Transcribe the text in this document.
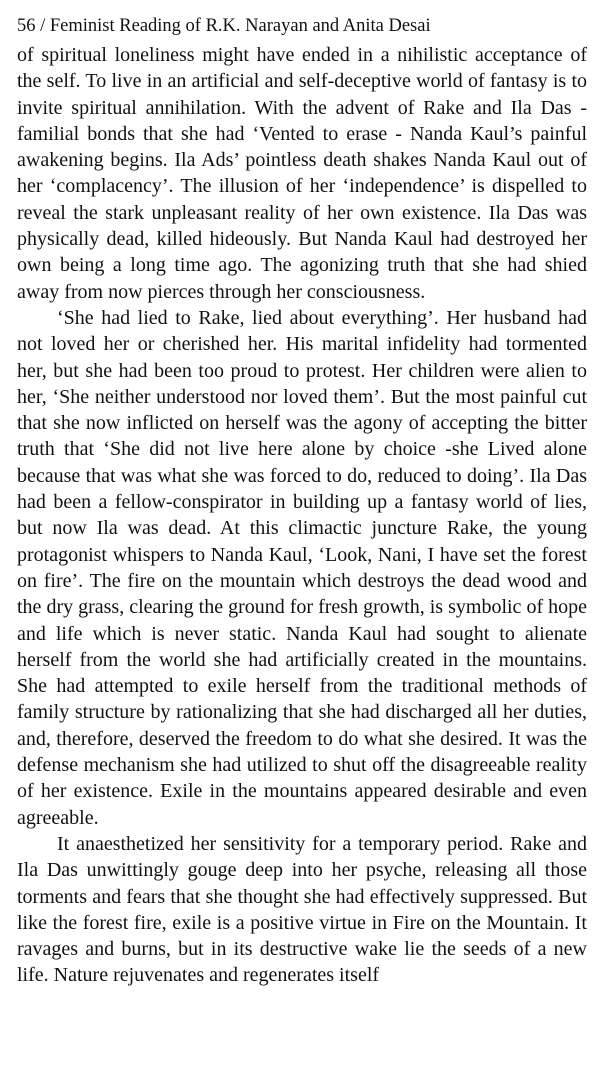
56 / Feminist Reading of R.K. Narayan and Anita Desai

of spiritual loneliness might have ended in a nihilistic acceptance of the self. To live in an artificial and self-deceptive world of fantasy is to invite spiritual annihilation. With the advent of Rake and Ila Das - familial bonds that she had ‘Vented to erase - Nanda Kaul’s painful awakening begins. Ila Ads’ pointless death shakes Nanda Kaul out of her ‘complacency’. The illusion of her ‘independence’ is dispelled to reveal the stark unpleasant reality of her own existence. Ila Das was physically dead, killed hideously. But Nanda Kaul had destroyed her own being a long time ago. The agonizing truth that she had shied away from now pierces through her consciousness.

‘She had lied to Rake, lied about everything’. Her husband had not loved her or cherished her. His marital infidelity had tormented her, but she had been too proud to protest. Her children were alien to her, ‘She neither understood nor loved them’. But the most painful cut that she now inflicted on herself was the agony of accepting the bitter truth that ‘She did not live here alone by choice -she Lived alone because that was what she was forced to do, reduced to doing’. Ila Das had been a fellow-conspirator in building up a fantasy world of lies, but now Ila was dead. At this climactic juncture Rake, the young protagonist whispers to Nanda Kaul, ‘Look, Nani, I have set the forest on fire’. The fire on the mountain which destroys the dead wood and the dry grass, clearing the ground for fresh growth, is symbolic of hope and life which is never static. Nanda Kaul had sought to alienate herself from the world she had artificially created in the mountains. She had attempted to exile herself from the traditional methods of family structure by rationalizing that she had discharged all her duties, and, therefore, deserved the freedom to do what she desired. It was the defense mechanism she had utilized to shut off the disagreeable reality of her existence. Exile in the mountains appeared desirable and even agreeable.

It anaesthetized her sensitivity for a temporary period. Rake and Ila Das unwittingly gouge deep into her psyche, releasing all those torments and fears that she thought she had effectively suppressed. But like the forest fire, exile is a positive virtue in Fire on the Mountain. It ravages and burns, but in its destructive wake lie the seeds of a new life. Nature rejuvenates and regenerates itself
